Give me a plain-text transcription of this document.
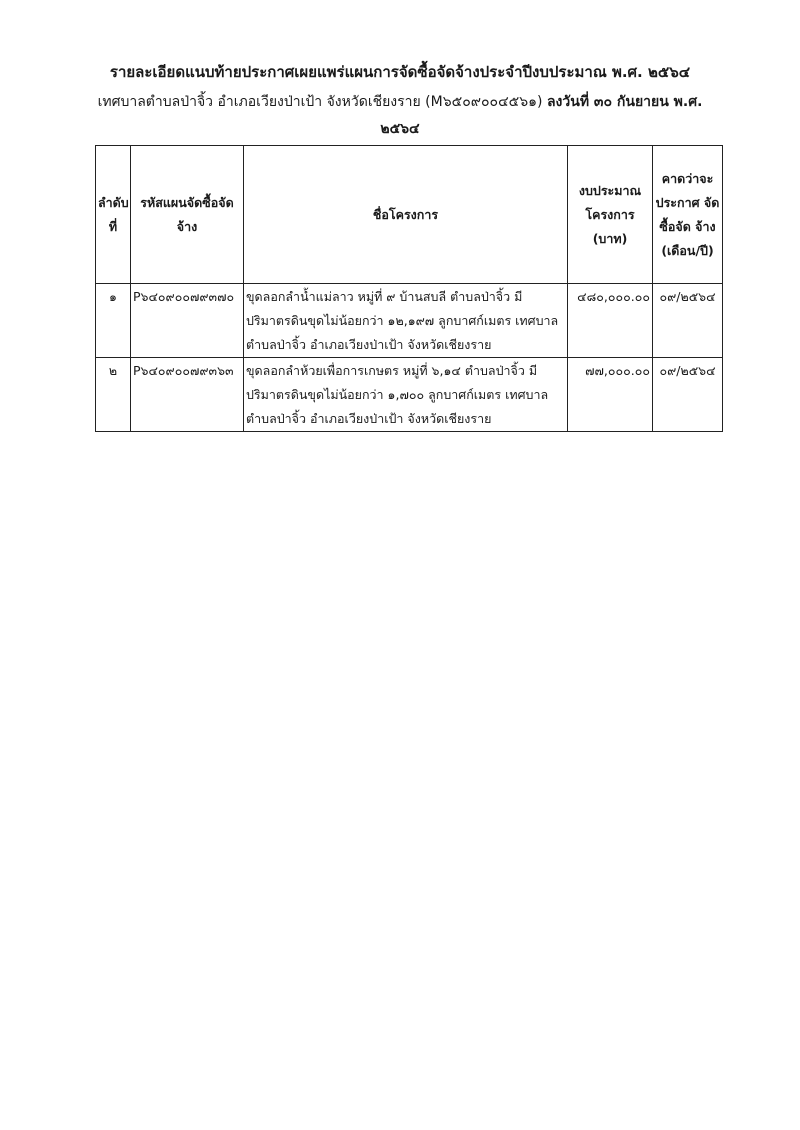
รายละเอียดแนบท้ายประกาศเผยแพร่แผนการจัดซื้อจัดจ้างประจำปีงบประมาณ พ.ศ. ๒๕๖๔
เทศบาลตำบลป่าจิ้ว อำเภอเวียงป่าเป้า จังหวัดเชียงราย (M๖๕๐๙๐๐๔๕๖๑) ลงวันที่ ๓๐ กันยายน พ.ศ.
๒๕๖๔
ลำดับ ที่	รหัสแผนจัดซื้อจัด จ้าง	ชื่อโครงการ	งบประมาณ โครงการ (บาท)	คาดว่าจะ ประกาศ จัดซื้อจัด จ้าง (เดือน/ปี)
๑	P๖๔๐๙๐๐๗๙๓๗๐	ขุดลอกลำน้ำแม่ลาว หมู่ที่ ๙ บ้านสบลี ตำบลป่าจิ้ว มีปริมาตรดินขุดไม่น้อยกว่า ๑๒,๑๙๗ ลูกบาศก์เมตร เทศบาลตำบลป่าจิ้ว อำเภอเวียงป่าเป้า จังหวัดเชียงราย	๔๘๐,๐๐๐.๐๐	๐๙/๒๕๖๔
๒	P๖๔๐๙๐๐๗๙๓๖๓	ขุดลอกลำห้วยเพื่อการเกษตร หมู่ที่ ๖,๑๔ ตำบลป่าจิ้ว มีปริมาตรดินขุดไม่น้อยกว่า ๑,๗๐๐ ลูกบาศก์เมตร เทศบาลตำบลป่าจิ้ว อำเภอเวียงป่าเป้า จังหวัดเชียงราย	๗๗,๐๐๐.๐๐	๐๙/๒๕๖๔
